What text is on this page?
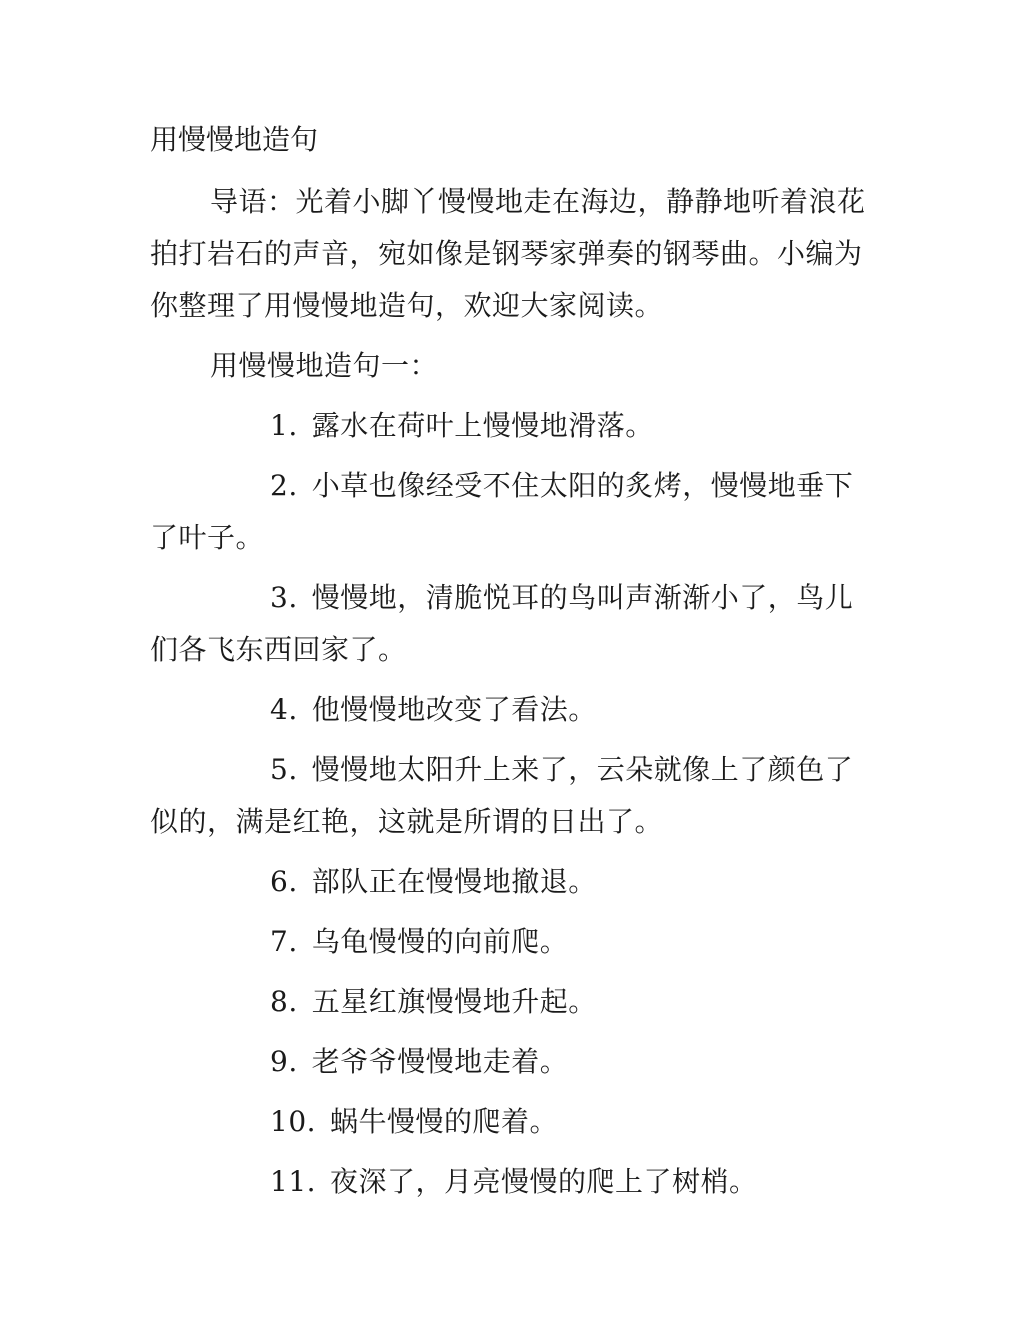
用慢慢地造句

导语：光着小脚丫慢慢地走在海边，静静地听着浪花拍打岩石的声音，宛如像是钢琴家弹奏的钢琴曲。小编为你整理了用慢慢地造句，欢迎大家阅读。

用慢慢地造句一：

1. 露水在荷叶上慢慢地滑落。

2. 小草也像经受不住太阳的炙烤，慢慢地垂下了叶子。

3. 慢慢地，清脆悦耳的鸟叫声渐渐小了，鸟儿们各飞东西回家了。

4. 他慢慢地改变了看法。

5. 慢慢地太阳升上来了，云朵就像上了颜色了似的，满是红艳，这就是所谓的日出了。

6. 部队正在慢慢地撤退。

7. 乌龟慢慢的向前爬。

8. 五星红旗慢慢地升起。

9. 老爷爷慢慢地走着。

10. 蜗牛慢慢的爬着。

11. 夜深了，月亮慢慢的爬上了树梢。
